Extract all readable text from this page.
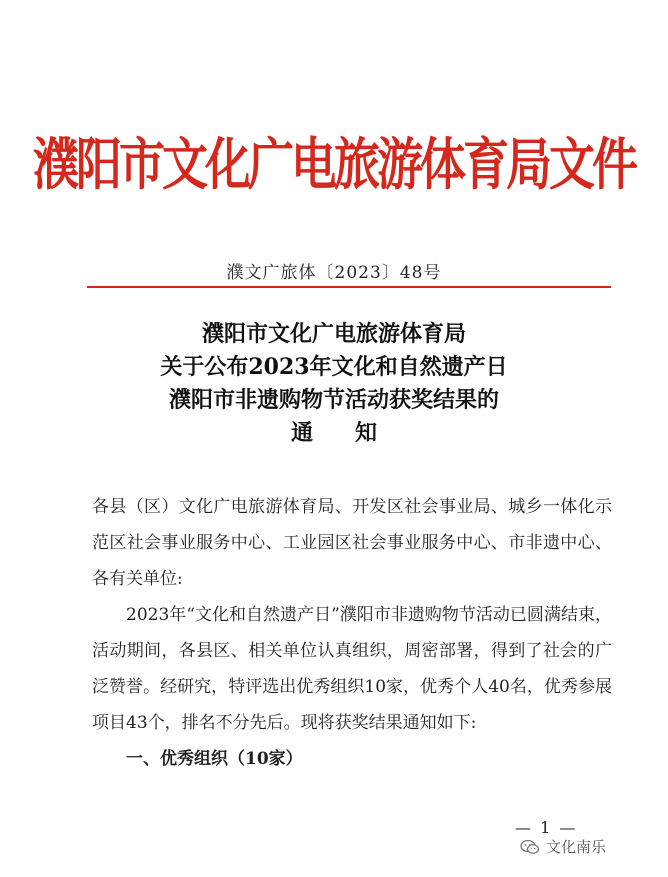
濮阳市文化广电旅游体育局文件
濮文广旅体〔2023〕48号
濮阳市文化广电旅游体育局
关于公布2023年文化和自然遗产日
濮阳市非遗购物节活动获奖结果的
通知

各县（区）文化广电旅游体育局、开发区社会事业局、城乡一体化示范区社会事业服务中心、工业园区社会事业服务中心、市非遗中心、各有关单位:

2023年“文化和自然遗产日”濮阳市非遗购物节活动已圆满结束，活动期间，各县区、相关单位认真组织，周密部署，得到了社会的广泛赞誉。经研究，特评选出优秀组织10家，优秀个人40名，优秀参展项目43个，排名不分先后。现将获奖结果通知如下:

一、优秀组织（10家）

— 1 —
文化南乐
